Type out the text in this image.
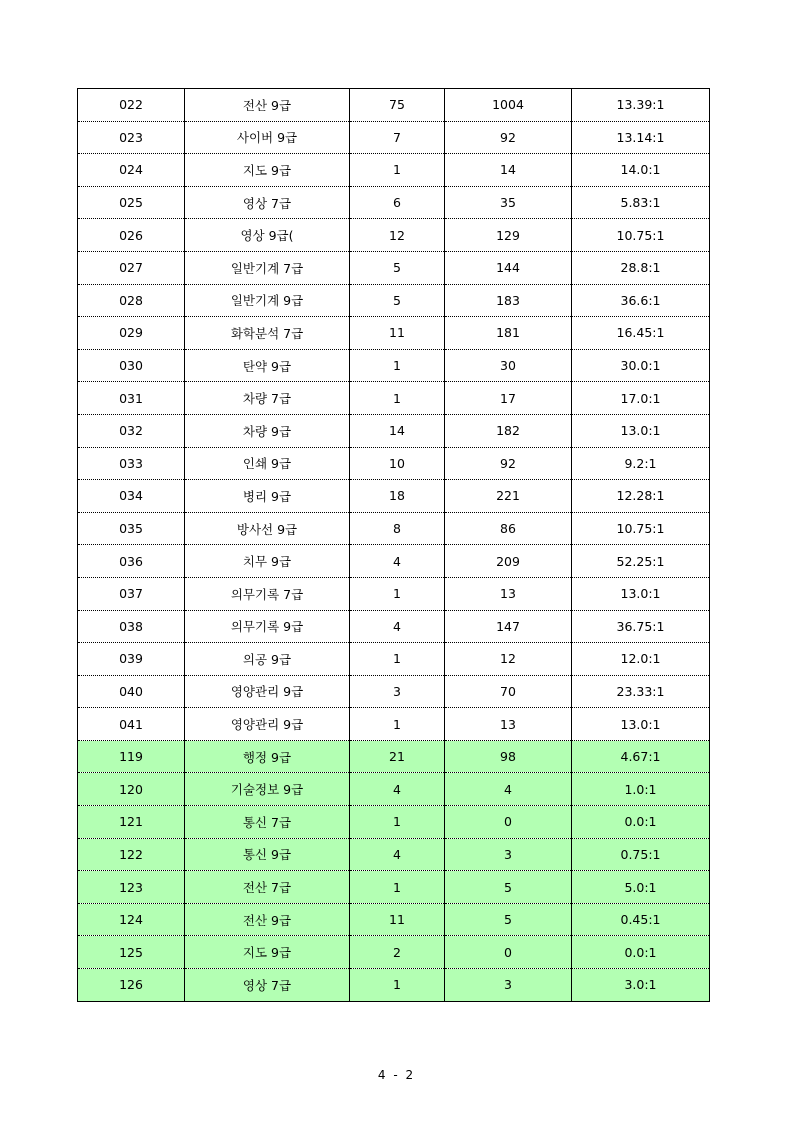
022	전산 9급	75	1004	13.39:1
023	사이버 9급	7	92	13.14:1
024	지도 9급	1	14	14.0:1
025	영상 7급	6	35	5.83:1
026	영상 9급(	12	129	10.75:1
027	일반기계 7급	5	144	28.8:1
028	일반기계 9급	5	183	36.6:1
029	화학분석 7급	11	181	16.45:1
030	탄약 9급	1	30	30.0:1
031	차량 7급	1	17	17.0:1
032	차량 9급	14	182	13.0:1
033	인쇄 9급	10	92	9.2:1
034	병리 9급	18	221	12.28:1
035	방사선 9급	8	86	10.75:1
036	치무 9급	4	209	52.25:1
037	의무기록 7급	1	13	13.0:1
038	의무기록 9급	4	147	36.75:1
039	의공 9급	1	12	12.0:1
040	영양관리 9급	3	70	23.33:1
041	영양관리 9급	1	13	13.0:1
119	행정 9급	21	98	4.67:1
120	기술정보 9급	4	4	1.0:1
121	통신 7급	1	0	0.0:1
122	통신 9급	4	3	0.75:1
123	전산 7급	1	5	5.0:1
124	전산 9급	11	5	0.45:1
125	지도 9급	2	0	0.0:1
126	영상 7급	1	3	3.0:1
4 - 2
